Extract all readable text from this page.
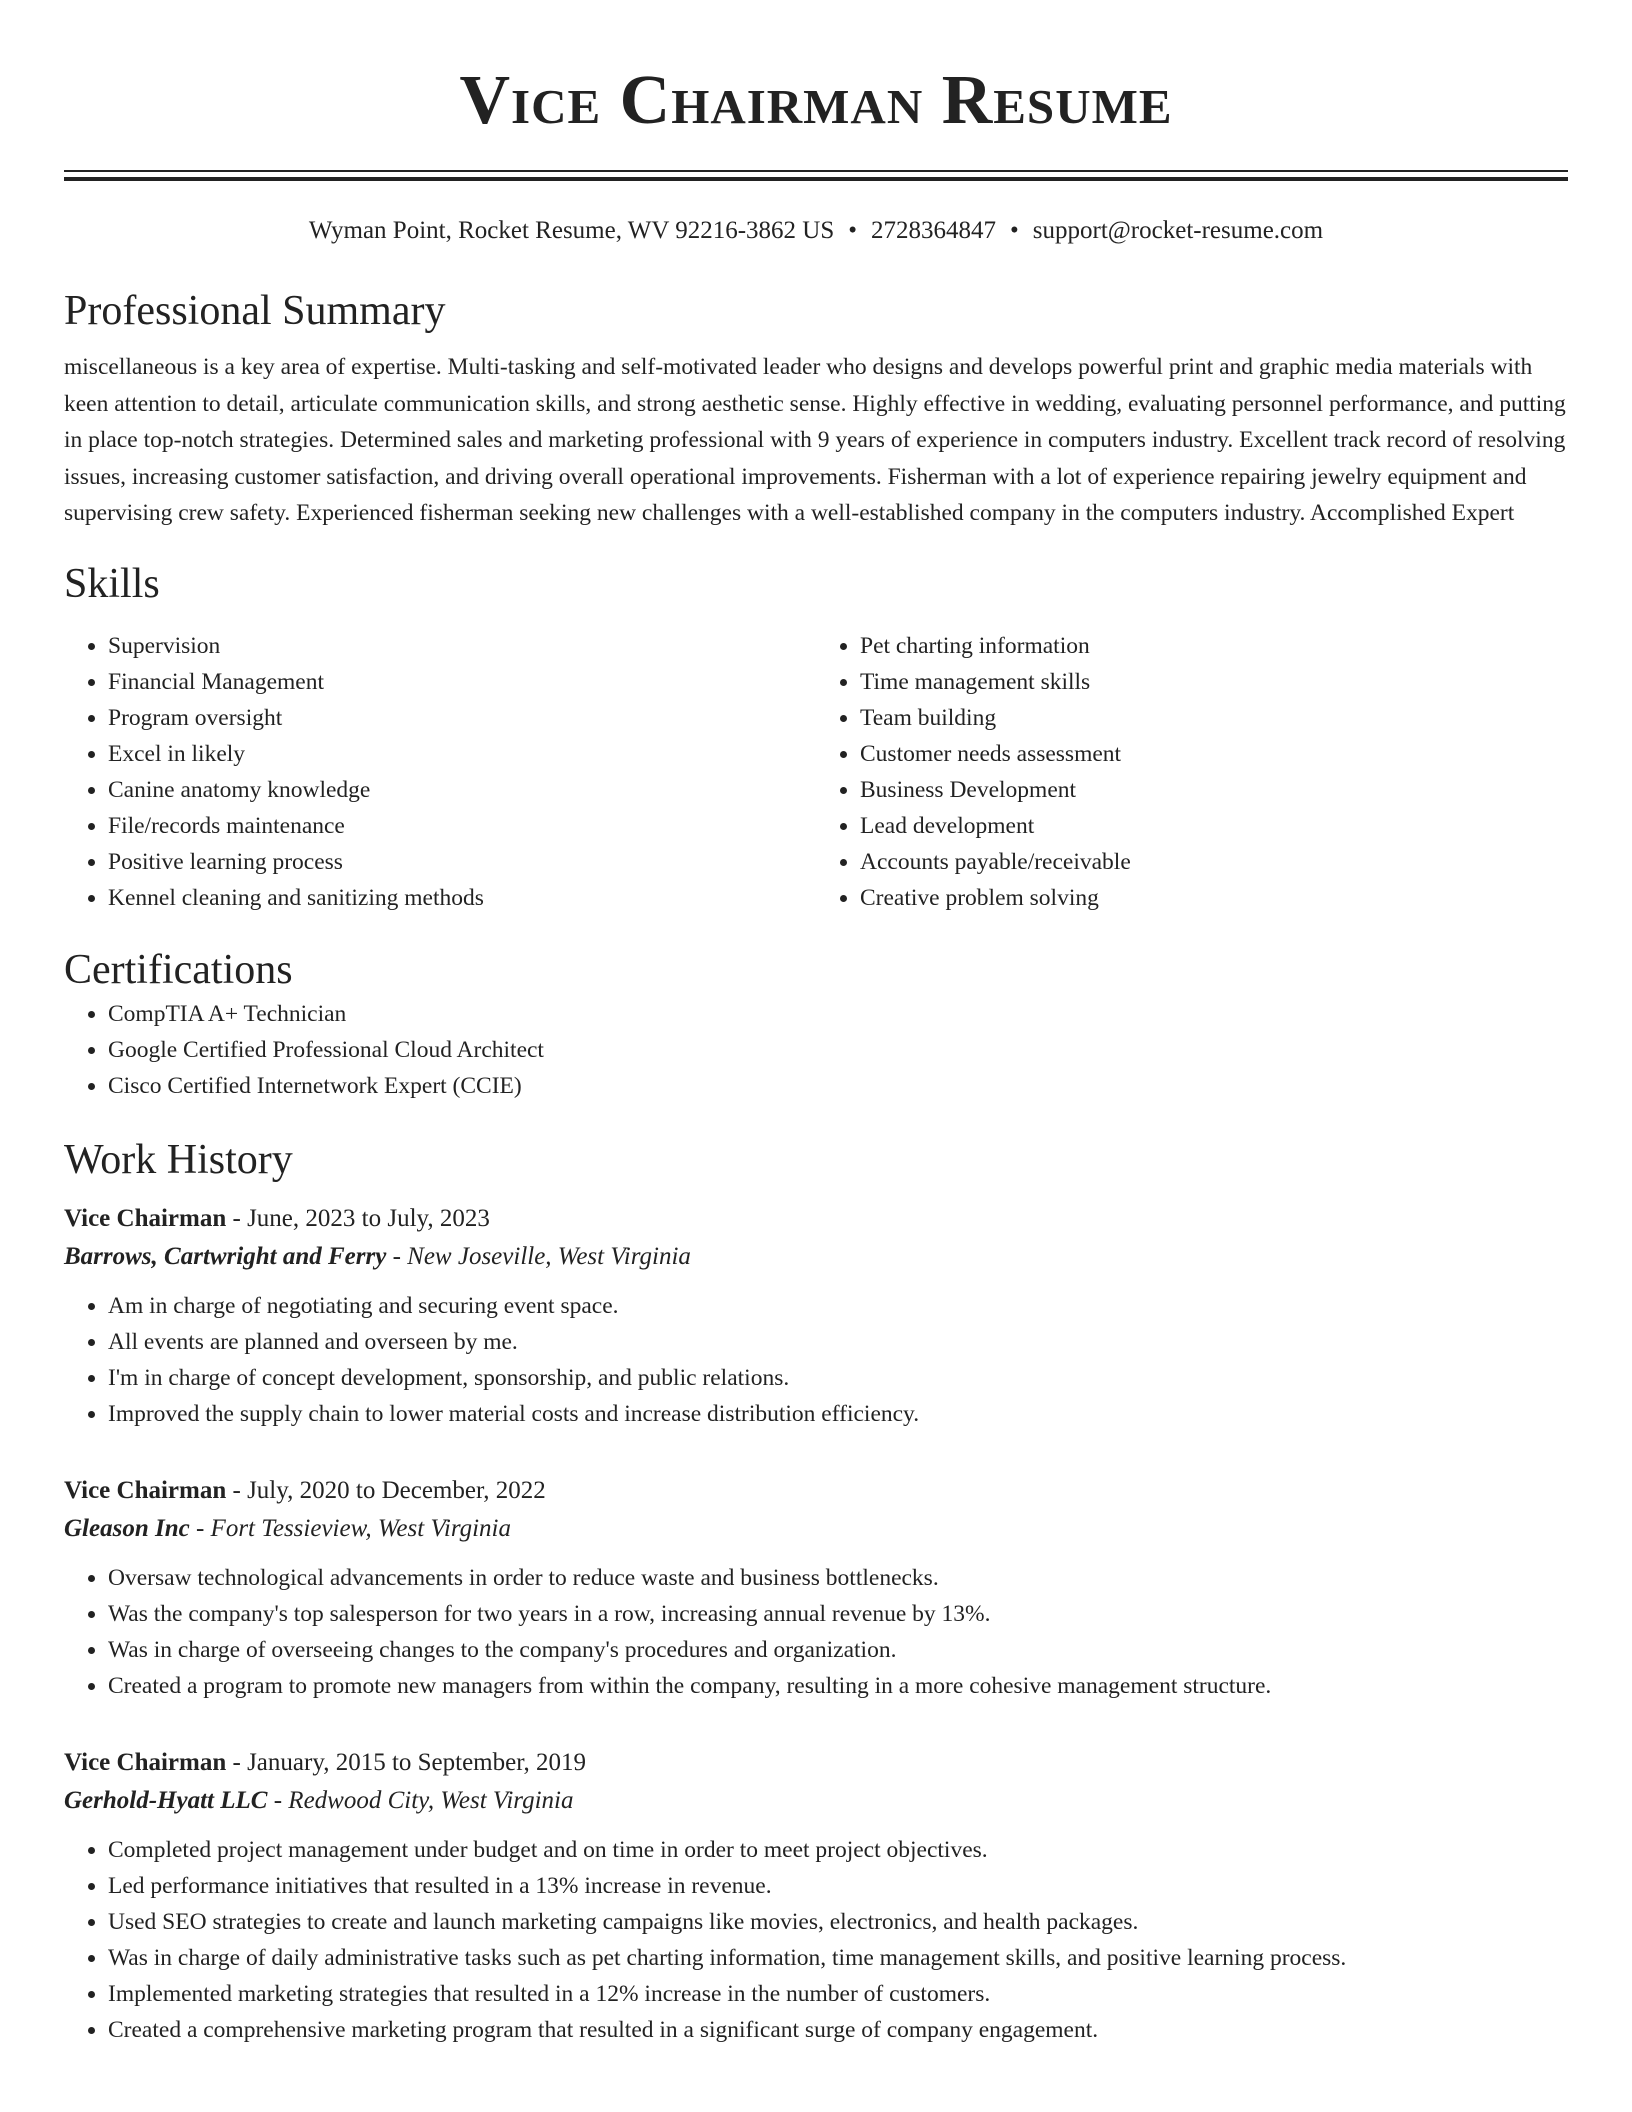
Vice Chairman Resume
Wyman Point, Rocket Resume, WV 92216-3862 US • 2728364847 • support@rocket-resume.com
Professional Summary

miscellaneous is a key area of expertise. Multi-tasking and self-motivated leader who designs and develops powerful print and graphic media materials with keen attention to detail, articulate communication skills, and strong aesthetic sense. Highly effective in wedding, evaluating personnel performance, and putting in place top-notch strategies. Determined sales and marketing professional with 9 years of experience in computers industry. Excellent track record of resolving issues, increasing customer satisfaction, and driving overall operational improvements. Fisherman with a lot of experience repairing jewelry equipment and supervising crew safety. Experienced fisherman seeking new challenges with a well-established company in the computers industry. Accomplished Expert

Skills
• Supervision
• Financial Management
• Program oversight
• Excel in likely
• Canine anatomy knowledge
• File/records maintenance
• Positive learning process
• Kennel cleaning and sanitizing methods
• Pet charting information
• Time management skills
• Team building
• Customer needs assessment
• Business Development
• Lead development
• Accounts payable/receivable
• Creative problem solving
Certifications
• CompTIA A+ Technician
• Google Certified Professional Cloud Architect
• Cisco Certified Internetwork Expert (CCIE)
Work History
Vice Chairman - June, 2023 to July, 2023
Barrows, Cartwright and Ferry - New Joseville, West Virginia
• Am in charge of negotiating and securing event space.
• All events are planned and overseen by me.
• I'm in charge of concept development, sponsorship, and public relations.
• Improved the supply chain to lower material costs and increase distribution efficiency.
Vice Chairman - July, 2020 to December, 2022
Gleason Inc - Fort Tessieview, West Virginia
• Oversaw technological advancements in order to reduce waste and business bottlenecks.
• Was the company's top salesperson for two years in a row, increasing annual revenue by 13%.
• Was in charge of overseeing changes to the company's procedures and organization.
• Created a program to promote new managers from within the company, resulting in a more cohesive management structure.
Vice Chairman - January, 2015 to September, 2019
Gerhold-Hyatt LLC - Redwood City, West Virginia
• Completed project management under budget and on time in order to meet project objectives.
• Led performance initiatives that resulted in a 13% increase in revenue.
• Used SEO strategies to create and launch marketing campaigns like movies, electronics, and health packages.
• Was in charge of daily administrative tasks such as pet charting information, time management skills, and positive learning process.
• Implemented marketing strategies that resulted in a 12% increase in the number of customers.
• Created a comprehensive marketing program that resulted in a significant surge of company engagement.
